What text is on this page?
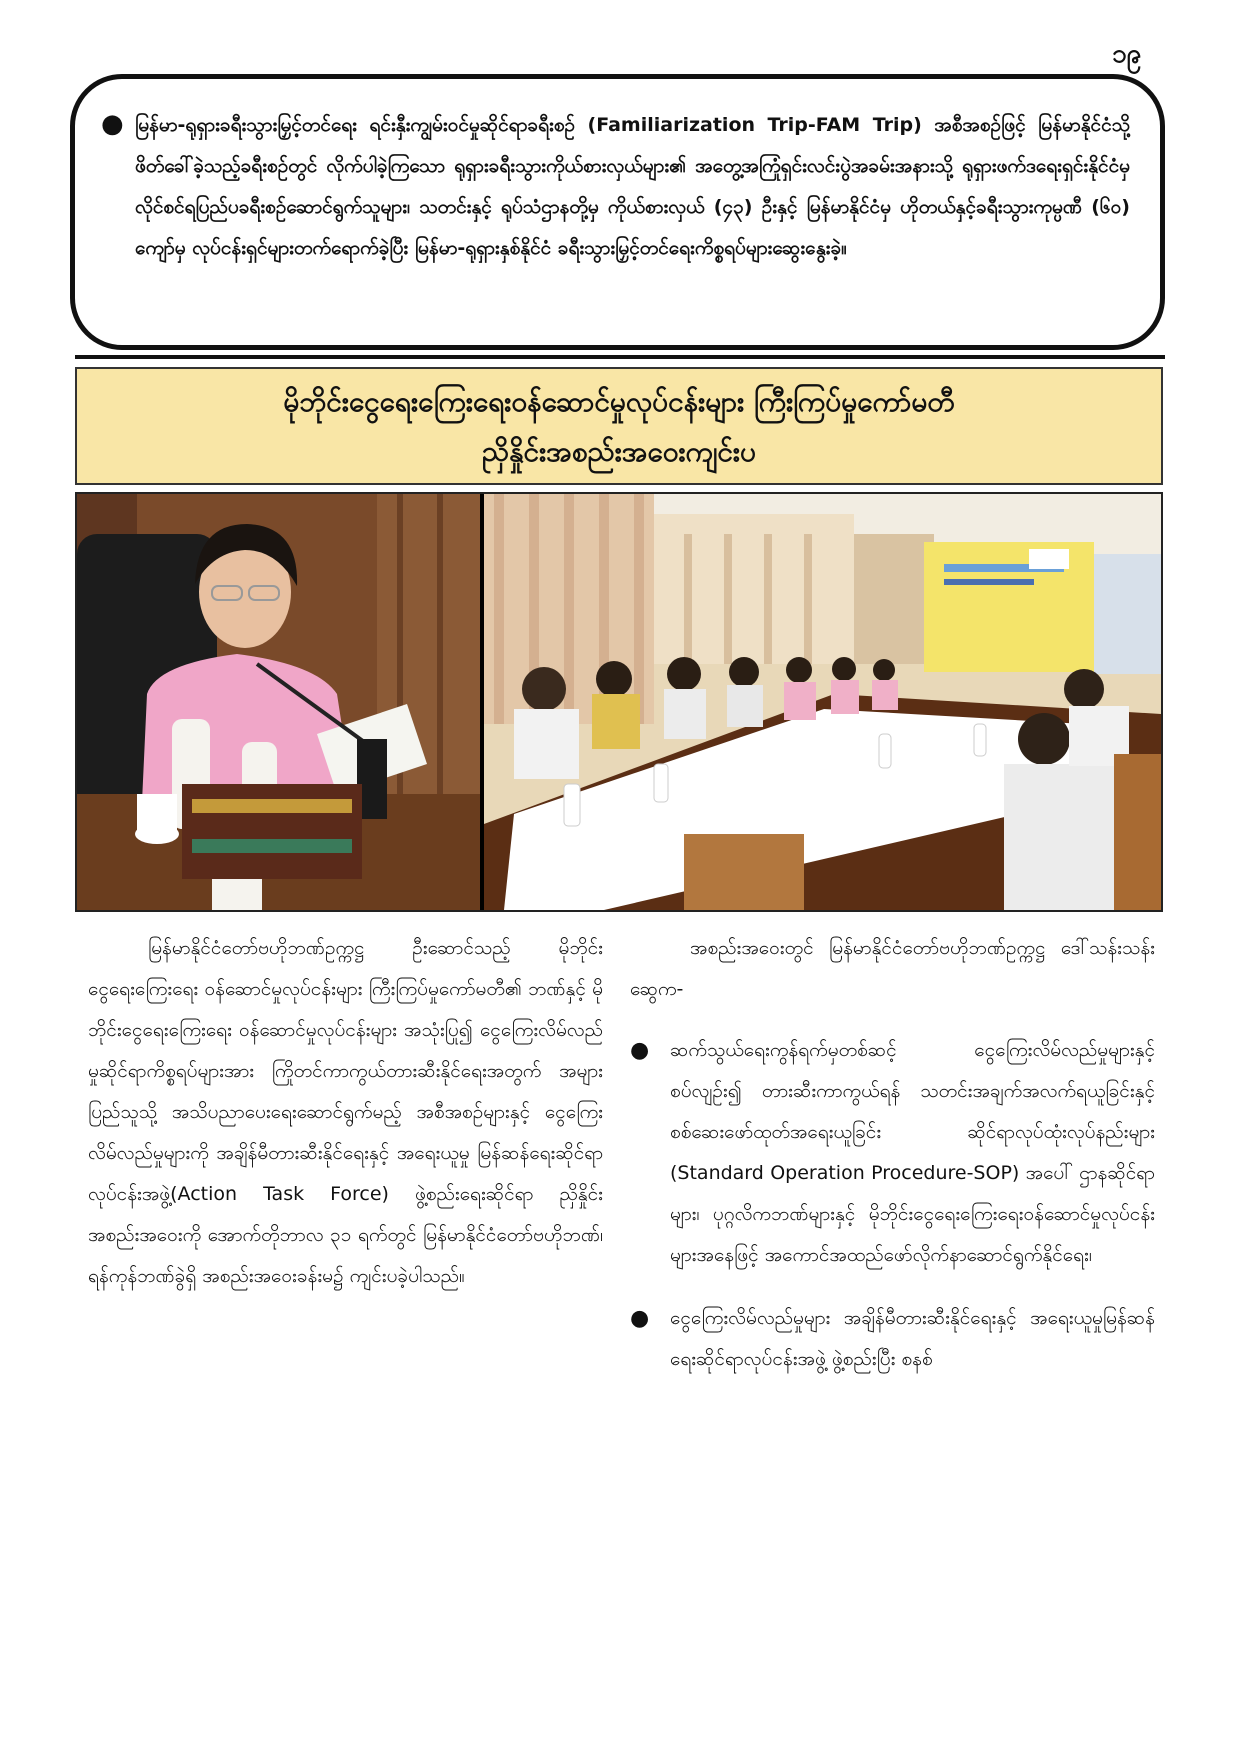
၁၉
● မြန်မာ-ရုရှားခရီးသွားမြှင့်တင်ရေး ရင်းနှီးကျွမ်းဝင်မှုဆိုင်ရာခရီးစဉ် (Familiarization Trip-FAM Trip) အစီအစဉ်ဖြင့် မြန်မာနိုင်ငံသို့ ဖိတ်ခေါ်ခဲ့သည့်ခရီးစဉ်တွင် လိုက်ပါခဲ့ကြသော ရုရှားခရီးသွားကိုယ်စားလှယ်များ၏ အတွေ့အကြုံရှင်းလင်းပွဲအခမ်းအနားသို့ ရုရှားဖက်ဒရေးရှင်းနိုင်ငံမှ လိုင်စင်ရပြည်ပခရီးစဉ်ဆောင်ရွက်သူများ၊ သတင်းနှင့် ရုပ်သံဌာနတို့မှ ကိုယ်စားလှယ် (၄၃) ဦးနှင့် မြန်မာနိုင်ငံမှ ဟိုတယ်နှင့်ခရီးသွားကုမ္ပဏီ (၆၀) ကျော်မှ လုပ်ငန်းရှင်များတက်ရောက်ခဲ့ပြီး မြန်မာ-ရုရှားနှစ်နိုင်ငံ ခရီးသွားမြှင့်တင်ရေးကိစ္စရပ်များဆွေးနွေးခဲ့။
မိုဘိုင်းငွေရေးကြေးရေးဝန်ဆောင်မှုလုပ်ငန်းများ ကြီးကြပ်မှုကော်မတီ
ညှိနှိုင်းအစည်းအဝေးကျင်းပ
မြန်မာနိုင်ငံတော်ဗဟိုဘဏ်ဥက္ကဋ္ဌ ဦးဆောင်သည့် မိုဘိုင်းငွေရေးကြေးရေး ဝန်ဆောင်မှုလုပ်ငန်းများ ကြီးကြပ်မှုကော်မတီ၏ ဘဏ်နှင့် မိုဘိုင်းငွေရေးကြေးရေး ဝန်ဆောင်မှုလုပ်ငန်းများ အသုံးပြု၍ ငွေကြေးလိမ်လည်မှုဆိုင်ရာကိစ္စရပ်များအား ကြိုတင်ကာကွယ်တားဆီးနိုင်ရေးအတွက် အများပြည်သူသို့ အသိပညာပေးရေးဆောင်ရွက်မည့် အစီအစဉ်များနှင့် ငွေကြေးလိမ်လည်မှုများကို အချိန်မီတားဆီးနိုင်ရေးနှင့် အရေးယူမှု မြန်ဆန်ရေးဆိုင်ရာလုပ်ငန်းအဖွဲ့(Action Task Force) ဖွဲ့စည်းရေးဆိုင်ရာ ညှိနှိုင်းအစည်းအဝေးကို အောက်တိုဘာလ ၃၁ ရက်တွင် မြန်မာနိုင်ငံတော်ဗဟိုဘဏ်၊ ရန်ကုန်ဘဏ်ခွဲရှိ အစည်းအဝေးခန်းမ၌ ကျင်းပခဲ့ပါသည်။
အစည်းအဝေးတွင် မြန်မာနိုင်ငံတော်ဗဟိုဘဏ်ဥက္ကဋ္ဌ ဒေါ်သန်းသန်းဆွေက-
● ဆက်သွယ်ရေးကွန်ရက်မှတစ်ဆင့် ငွေကြေးလိမ်လည်မှုများနှင့်စပ်လျဉ်း၍ တားဆီးကာကွယ်ရန် သတင်းအချက်အလက်ရယူခြင်းနှင့် စစ်ဆေးဖော်ထုတ်အရေးယူခြင်း ဆိုင်ရာလုပ်ထုံးလုပ်နည်းများ (Standard Operation Procedure-SOP) အပေါ် ဌာနဆိုင်ရာများ၊ ပုဂ္ဂလိကဘဏ်များနှင့် မိုဘိုင်းငွေရေးကြေးရေးဝန်ဆောင်မှုလုပ်ငန်းများအနေဖြင့် အကောင်အထည်ဖော်လိုက်နာဆောင်ရွက်နိုင်ရေး၊
● ငွေကြေးလိမ်လည်မှုများ အချိန်မီတားဆီးနိုင်ရေးနှင့် အရေးယူမှုမြန်ဆန်ရေးဆိုင်ရာလုပ်ငန်းအဖွဲ့ ဖွဲ့စည်းပြီး စနစ်
